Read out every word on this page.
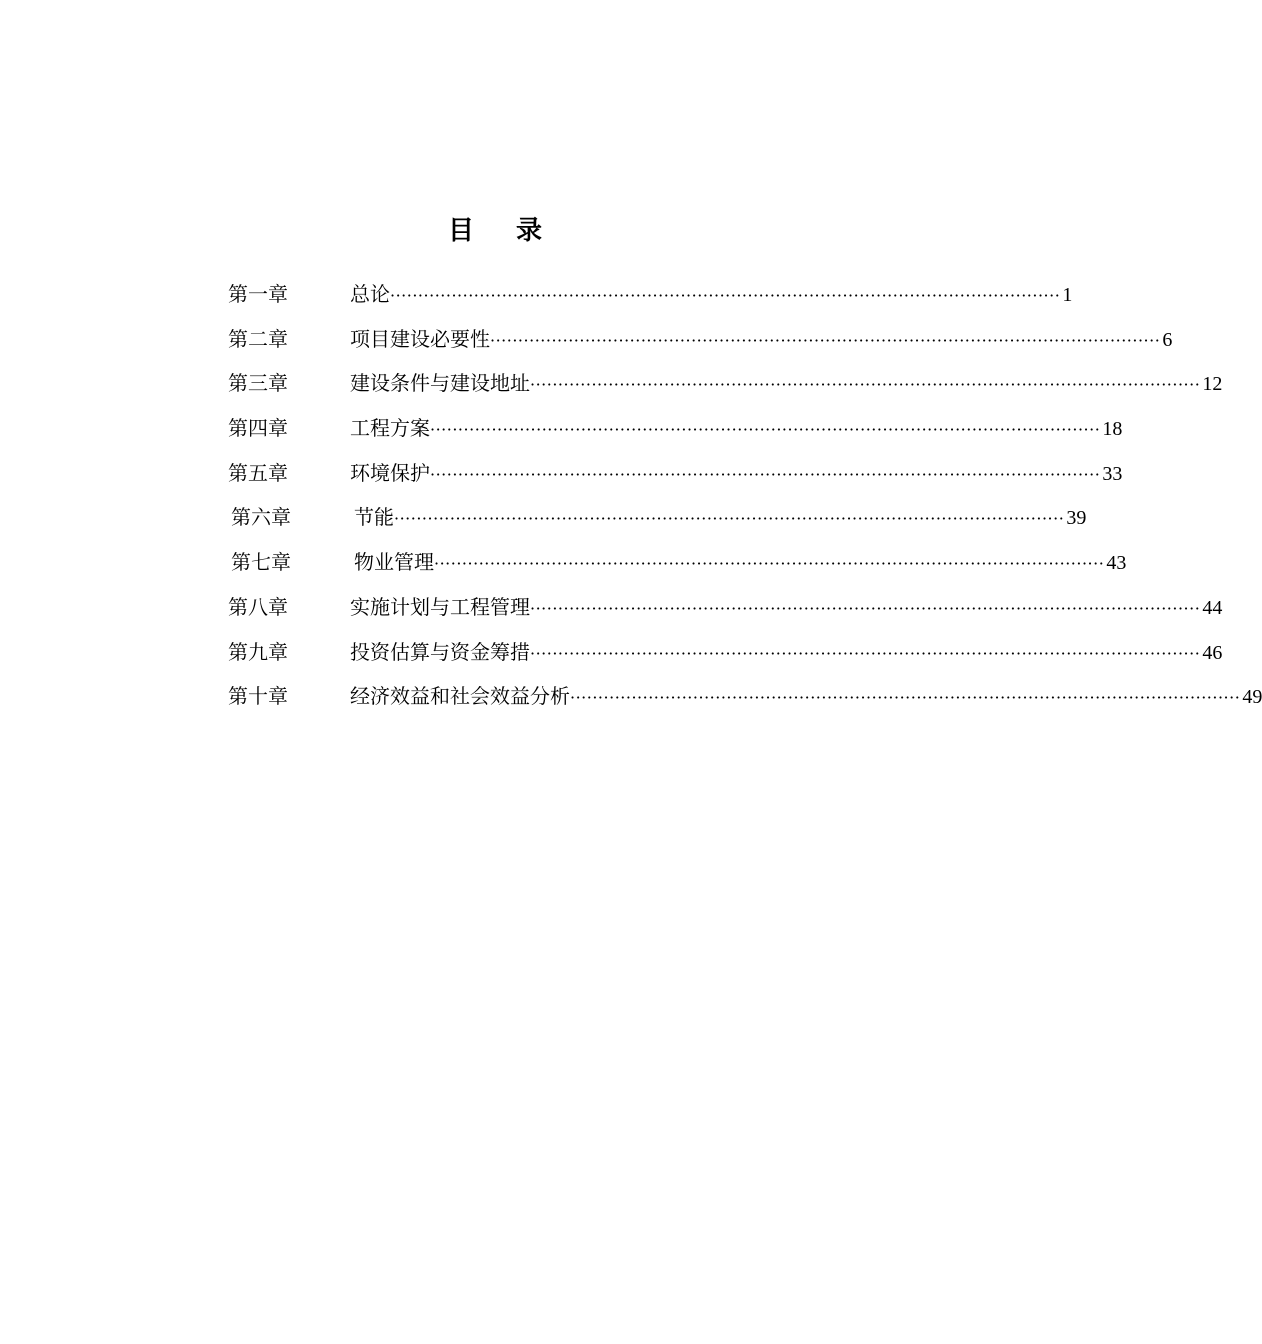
目 录
第一章	总论 ························································································································ 1
第二章	项目建设必要性 ························································································································ 6
第三章	建设条件与建设地址 ························································································································ 12
第四章	工程方案 ························································································································ 18
第五章	环境保护 ························································································································ 33
第六章	节能 ························································································································ 39
第七章	物业管理 ························································································································ 43
第八章	实施计划与工程管理 ························································································································ 44
第九章	投资估算与资金筹措 ························································································································ 46
第十章	经济效益和社会效益分析 ························································································································ 49
